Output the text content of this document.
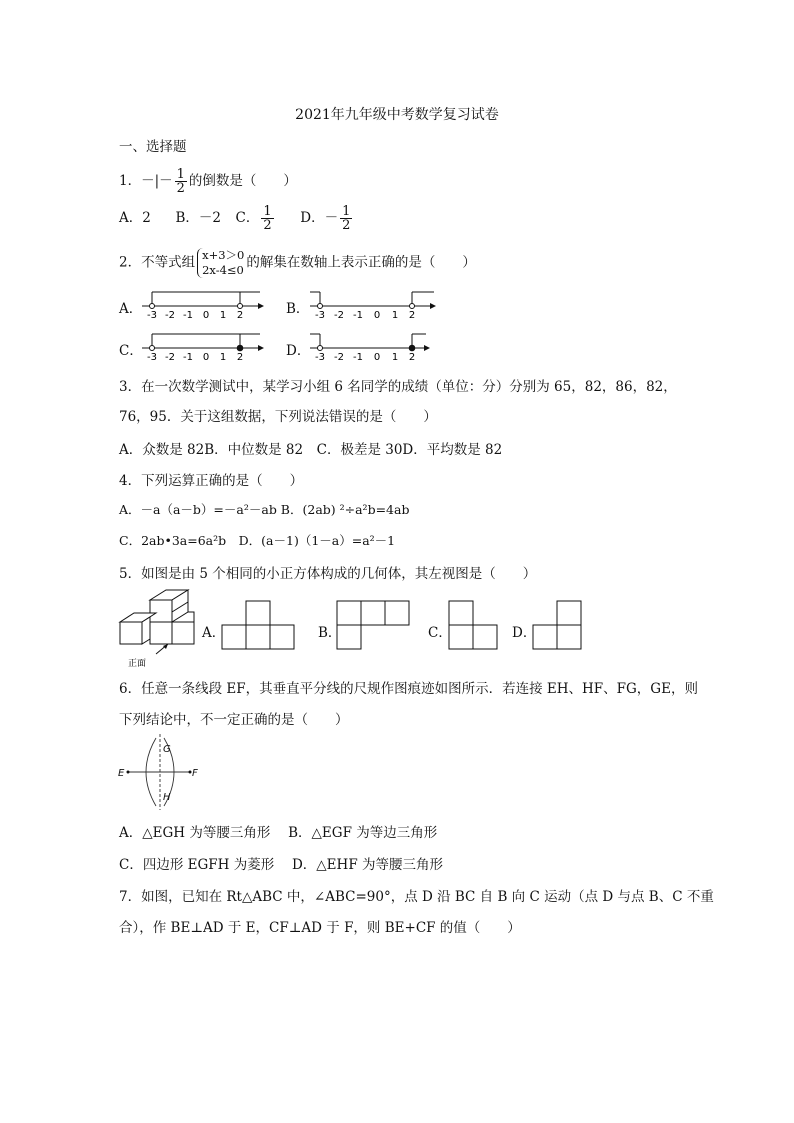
2021年九年级中考数学复习试卷
一、选择题
1．－|－ $\frac{1}{2}$ 的倒数是（　　）
A．2 B．－2 C． $\frac{1}{2}$ D．－ $\frac{1}{2}$
2．不等式组 x+3＞0
2x-4≤0 的解集在数轴上表示正确的是（　　）
A．	B．
C．	D．
-3 -2 -1 0 1 2	-3 -2 -1 0 1 2
-3 -2 -1 0 1 2	-3 -2 -1 0 1 2
3．在一次数学测试中，某学习小组 6 名同学的成绩（单位：分）分别为 65，82，86，82，
76，95．关于这组数据，下列说法错误的是（　　）
A．众数是 82B．中位数是 82　C．极差是 30D．平均数是 82
4．下列运算正确的是（　　）
A．－a（a－b）=－a²－ab B．(2ab) ²÷a²b=4ab
C．2ab•3a=6a²b　D．(a－1)（1－a）=a²－1
5．如图是由 5 个相同的小正方体构成的几何体，其左视图是（　　）
正面
A．	B．	C．	D．
6．任意一条线段 EF，其垂直平分线的尺规作图痕迹如图所示．若连接 EH、HF、FG，GE，则
下列结论中，不一定正确的是（　　）
E	F
G
H
A．△EGH 为等腰三角形　 B．△EGF 为等边三角形
C．四边形 EGFH 为菱形　 D．△EHF 为等腰三角形
7．如图，已知在 Rt△ABC 中，∠ABC=90°，点 D 沿 BC 自 B 向 C 运动（点 D 与点 B、C 不重
合），作 BE⊥AD 于 E，CF⊥AD 于 F，则 BE+CF 的值（　　）
